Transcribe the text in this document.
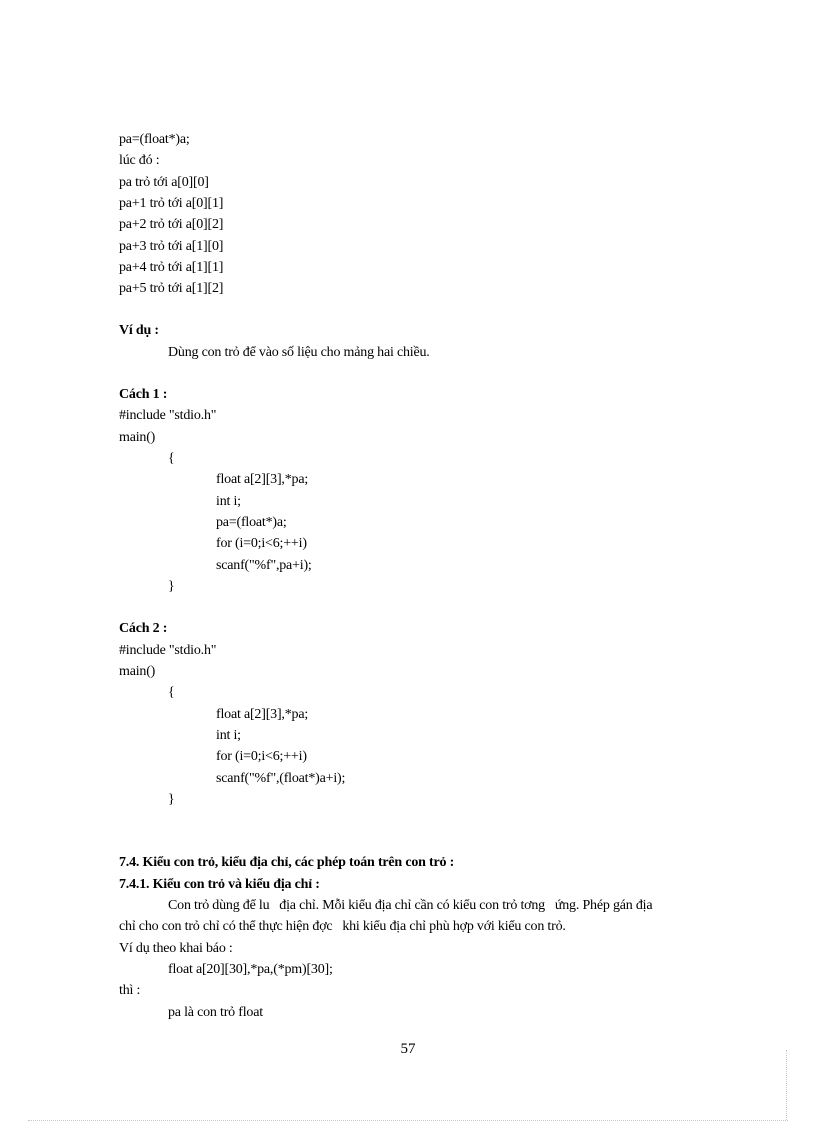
pa=(float*)a;
lúc đó :
pa trỏ tới a[0][0]
pa+1 trỏ tới a[0][1]
pa+2 trỏ tới a[0][2]
pa+3 trỏ tới a[1][0]
pa+4 trỏ tới a[1][1]
pa+5 trỏ tới a[1][2]
Ví dụ :
Dùng con trỏ để vào số liệu cho mảng hai chiều.
Cách 1 :
#include "stdio.h"
main()
{
float a[2][3],*pa;
int i;
pa=(float*)a;
for (i=0;i<6;++i)
scanf("%f",pa+i);
}
Cách 2 :
#include "stdio.h"
main()
{
float a[2][3],*pa;
int i;
for (i=0;i<6;++i)
scanf("%f",(float*)a+i);
}
7.4. Kiểu con trỏ, kiểu địa chỉ, các phép toán trên con trỏ :
7.4.1. Kiểu con trỏ và kiểu địa chỉ :
Con trỏ dùng để lu   địa chỉ. Mỗi kiểu địa chỉ cần có kiểu con trỏ tơng   ứng. Phép gán địa
chỉ cho con trỏ chỉ có thể thực hiện đợc   khi kiểu địa chỉ phù hợp với kiểu con trỏ.
Ví dụ theo khai báo :
float a[20][30],*pa,(*pm)[30];
thì :
pa là con trỏ float
57
